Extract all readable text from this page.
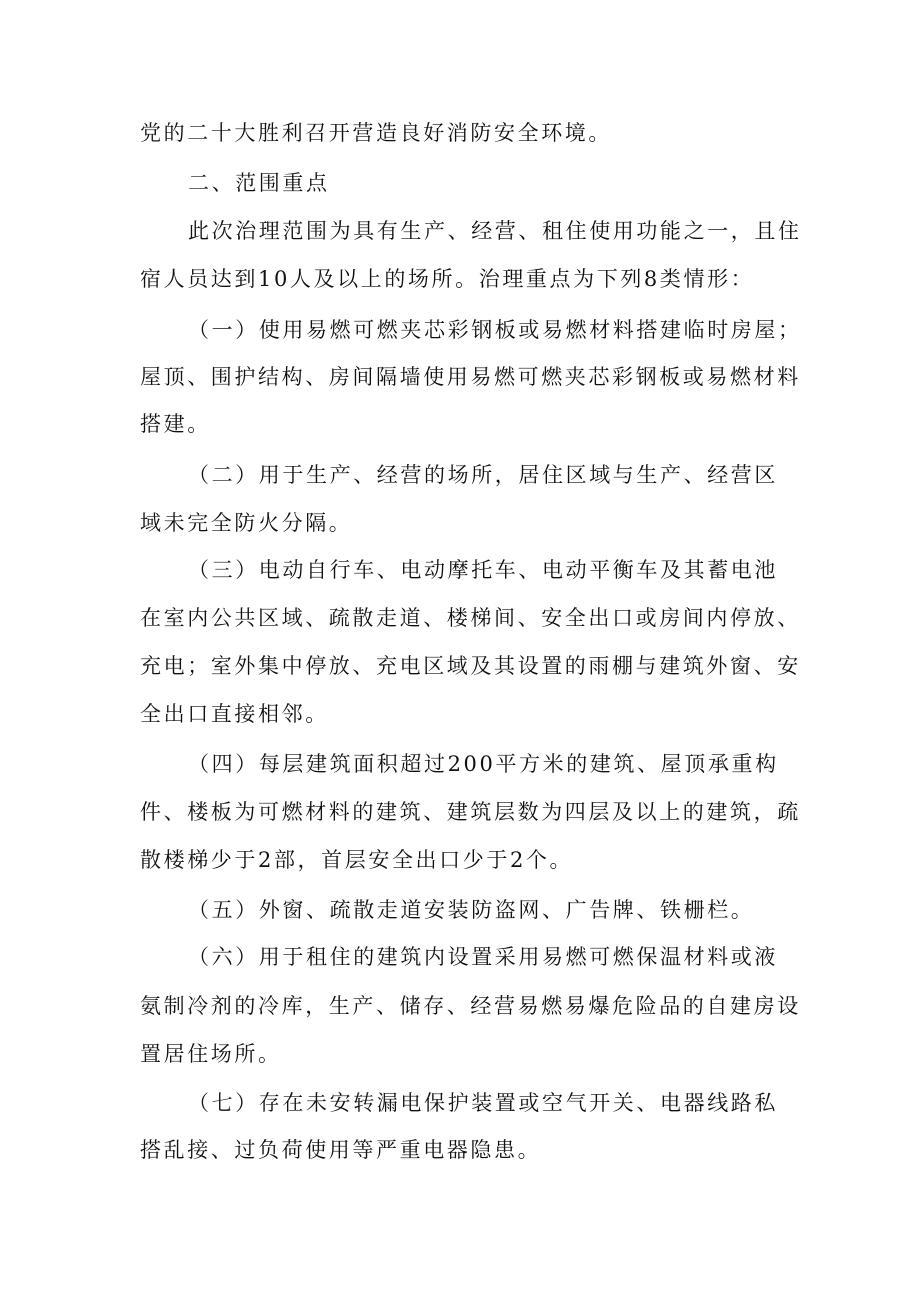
党的二十大胜利召开营造良好消防安全环境。
二、范围重点
此次治理范围为具有生产、经营、租住使用功能之一，且住
宿人员达到10人及以上的场所。治理重点为下列8类情形：
（一）使用易燃可燃夹芯彩钢板或易燃材料搭建临时房屋；
屋顶、围护结构、房间隔墙使用易燃可燃夹芯彩钢板或易燃材料
搭建。
（二）用于生产、经营的场所，居住区域与生产、经营区
域未完全防火分隔。
（三）电动自行车、电动摩托车、电动平衡车及其蓄电池
在室内公共区域、疏散走道、楼梯间、安全出口或房间内停放、
充电；室外集中停放、充电区域及其设置的雨棚与建筑外窗、安
全出口直接相邻。
（四）每层建筑面积超过200平方米的建筑、屋顶承重构
件、楼板为可燃材料的建筑、建筑层数为四层及以上的建筑，疏
散楼梯少于2部，首层安全出口少于2个。
（五）外窗、疏散走道安装防盗网、广告牌、铁栅栏。
（六）用于租住的建筑内设置采用易燃可燃保温材料或液
氨制冷剂的冷库，生产、储存、经营易燃易爆危险品的自建房设
置居住场所。
（七）存在未安转漏电保护装置或空气开关、电器线路私
搭乱接、过负荷使用等严重电器隐患。
